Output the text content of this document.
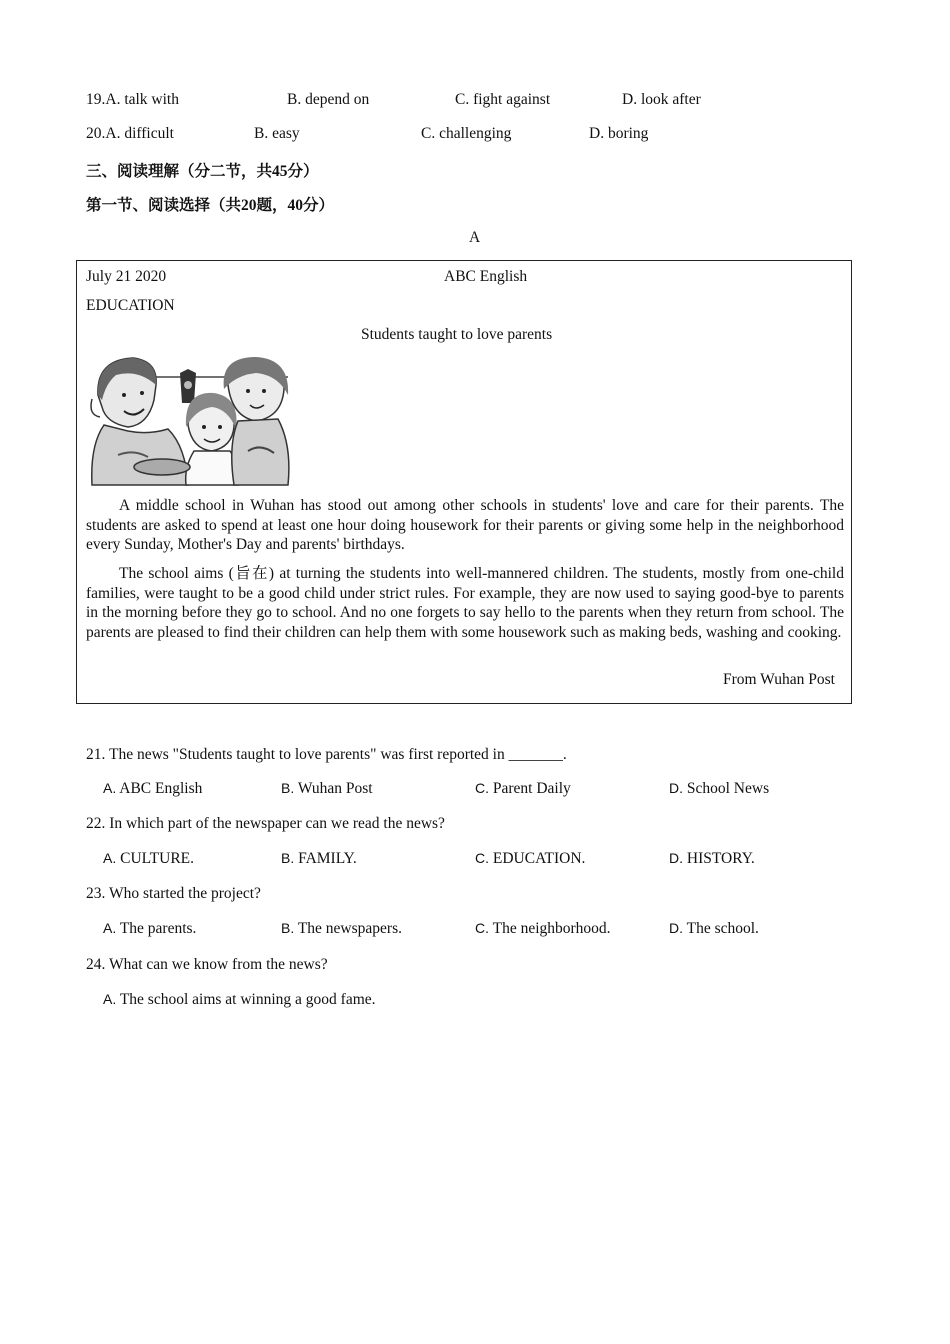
19.A. talk with	B. depend on	C. fight against	D. look after
20.A. difficult	B. easy	C. challenging	D. boring
三、阅读理解（分二节，共45分）
第一节、阅读选择（共20题，40分）
A
July 21 2020	ABC English
EDUCATION
Students taught to love parents
A middle school in Wuhan has stood out among other schools in students' love and care for their parents. The students are asked to spend at least one hour doing housework for their parents or giving some help in the neighborhood every Sunday, Mother's Day and parents' birthdays.
The school aims (旨在) at turning the students into well-mannered children. The students, mostly from one-child families, were taught to be a good child under strict rules. For example, they are now used to saying good-bye to parents in the morning before they go to school. And no one forgets to say hello to the parents when they return from school. The parents are pleased to find their children can help them with some housework such as making beds, washing and cooking.
From Wuhan Post
21. The news "Students taught to love parents" was first reported in _______.
A. ABC English	B. Wuhan Post	C. Parent Daily	D. School News
22. In which part of the newspaper can we read the news?
A. CULTURE.	B. FAMILY.	C. EDUCATION.	D. HISTORY.
23. Who started the project?
A. The parents.	B. The newspapers.	C. The neighborhood.	D. The school.
24. What can we know from the news?
A. The school aims at winning a good fame.
